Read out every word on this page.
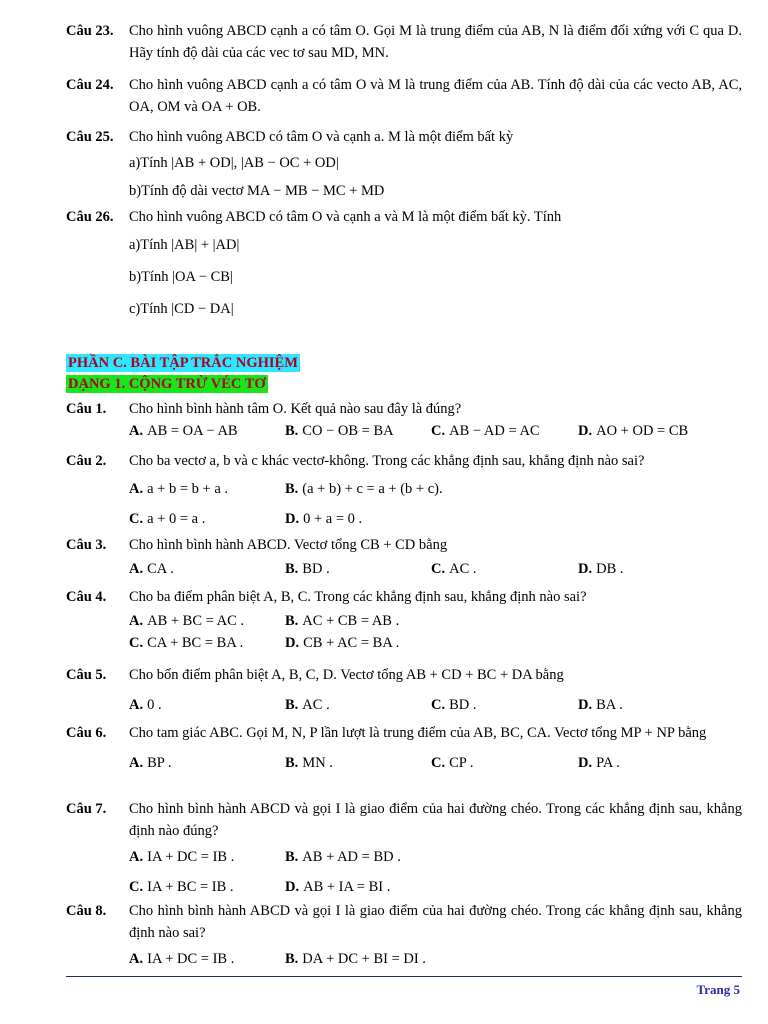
Câu 23. Cho hình vuông ABCD cạnh a có tâm O. Gọi M là trung điểm của AB, N là điểm đối xứng với C qua D. Hãy tính độ dài của các vec tơ sau MD, MN.
Câu 24. Cho hình vuông ABCD cạnh a có tâm O và M là trung điểm của AB. Tính độ dài của các vecto AB, AC, OA, OM và OA + OB.
Câu 25. Cho hình vuông ABCD có tâm O và cạnh a. M là một điểm bất kỳ
a)Tính |AB + OD|, |AB − OC + OD|
b)Tính độ dài vectơ MA − MB − MC + MD
Câu 26. Cho hình vuông ABCD có tâm O và cạnh a và M là một điểm bất kỳ. Tính
a)Tính |AB| + |AD|
b)Tính |OA − CB|
c)Tính |CD − DA|
PHẦN C. BÀI TẬP TRẮC NGHIỆM
DẠNG 1. CỘNG TRỪ VÉC TƠ
Câu 1. Cho hình bình hành tâm O. Kết quả nào sau đây là đúng?
A. AB = OA − AB	B. CO − OB = BA	C. AB − AD = AC	D. AO + OD = CB
Câu 2. Cho ba vectơ a, b và c khác vectơ-không. Trong các khẳng định sau, khẳng định nào sai?
A. a + b = b + a .	B. (a + b) + c = a + (b + c).
C. a + 0 = a .	D. 0 + a = 0 .
Câu 3. Cho hình bình hành ABCD. Vectơ tổng CB + CD bằng
A. CA .	B. BD .	C. AC .	D. DB .
Câu 4. Cho ba điểm phân biệt A, B, C. Trong các khẳng định sau, khẳng định nào sai?
A. AB + BC = AC .	B. AC + CB = AB .
C. CA + BC = BA .	D. CB + AC = BA .
Câu 5. Cho bốn điểm phân biệt A, B, C, D. Vectơ tổng AB + CD + BC + DA bằng
A. 0 .	B. AC .	C. BD .	D. BA .
Câu 6. Cho tam giác ABC. Gọi M, N, P lần lượt là trung điểm của AB, BC, CA. Vectơ tổng MP + NP bằng
A. BP .	B. MN .	C. CP .	D. PA .
Câu 7. Cho hình bình hành ABCD và gọi I là giao điểm của hai đường chéo. Trong các khẳng định sau, khẳng định nào đúng?
A. IA + DC = IB .	B. AB + AD = BD .
C. IA + BC = IB .	D. AB + IA = BI .
Câu 8. Cho hình bình hành ABCD và gọi I là giao điểm của hai đường chéo. Trong các khẳng định sau, khẳng định nào sai?
A. IA + DC = IB .	B. DA + DC + BI = DI .
Trang 5
